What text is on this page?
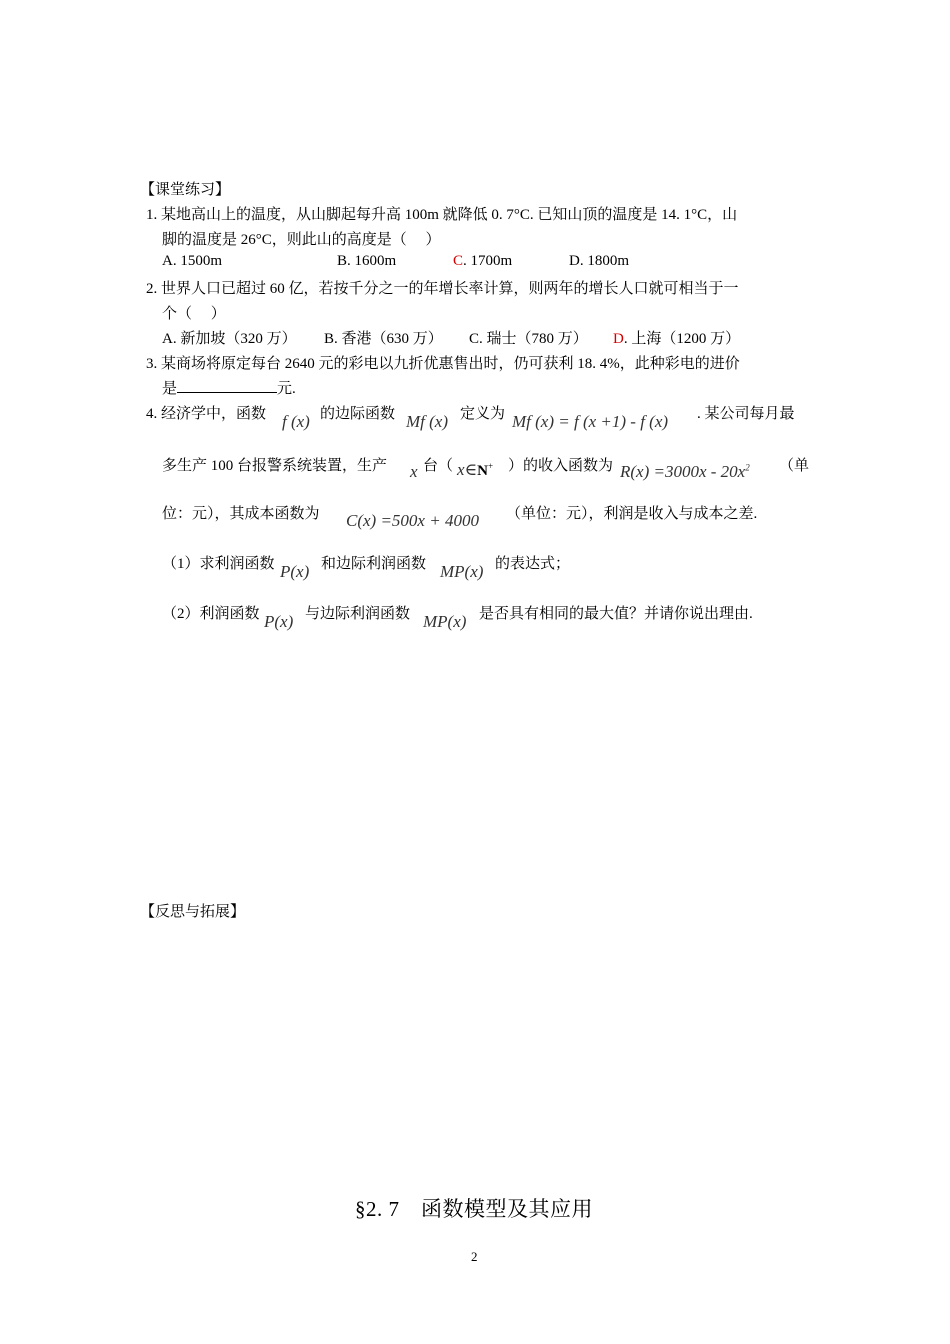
【课堂练习】
1. 某地高山上的温度，从山脚起每升高 100m 就降低 0. 7°C. 已知山顶的温度是 14. 1°C，山
脚的温度是 26°C，则此山的高度是（　 ）
A. 1500m	B. 1600m	C. 1700m	D. 1800m
2. 世界人口已超过 60 亿，若按千分之一的年增长率计算，则两年的增长人口就可相当于一
个（　 ）
A. 新加坡（320 万） B. 香港（630 万） C. 瑞士（780 万） D. 上海（1200 万）
3. 某商场将原定每台 2640 元的彩电以九折优惠售出时，仍可获利 18. 4%，此种彩电的进价
是	元.
4. 经济学中，函数 f (x) 的边际函数 Mf (x) 定义为 Mf (x) = f (x +1) - f (x) . 某公司每月最
多生产 100 台报警系统装置，生产 x 台（ x∈N+ ）的收入函数为 $R(x) =3000x - 20x^2$ （单
位：元），其成本函数为 C(x) =500x + 4000 （单位：元），利润是收入与成本之差.
（1）求利润函数 P(x) 和边际利润函数 MP(x) 的表达式；
（2）利润函数 P(x) 与边际利润函数 MP(x) 是否具有相同的最大值？并请你说出理由.
【反思与拓展】
§2. 7　函数模型及其应用
2
